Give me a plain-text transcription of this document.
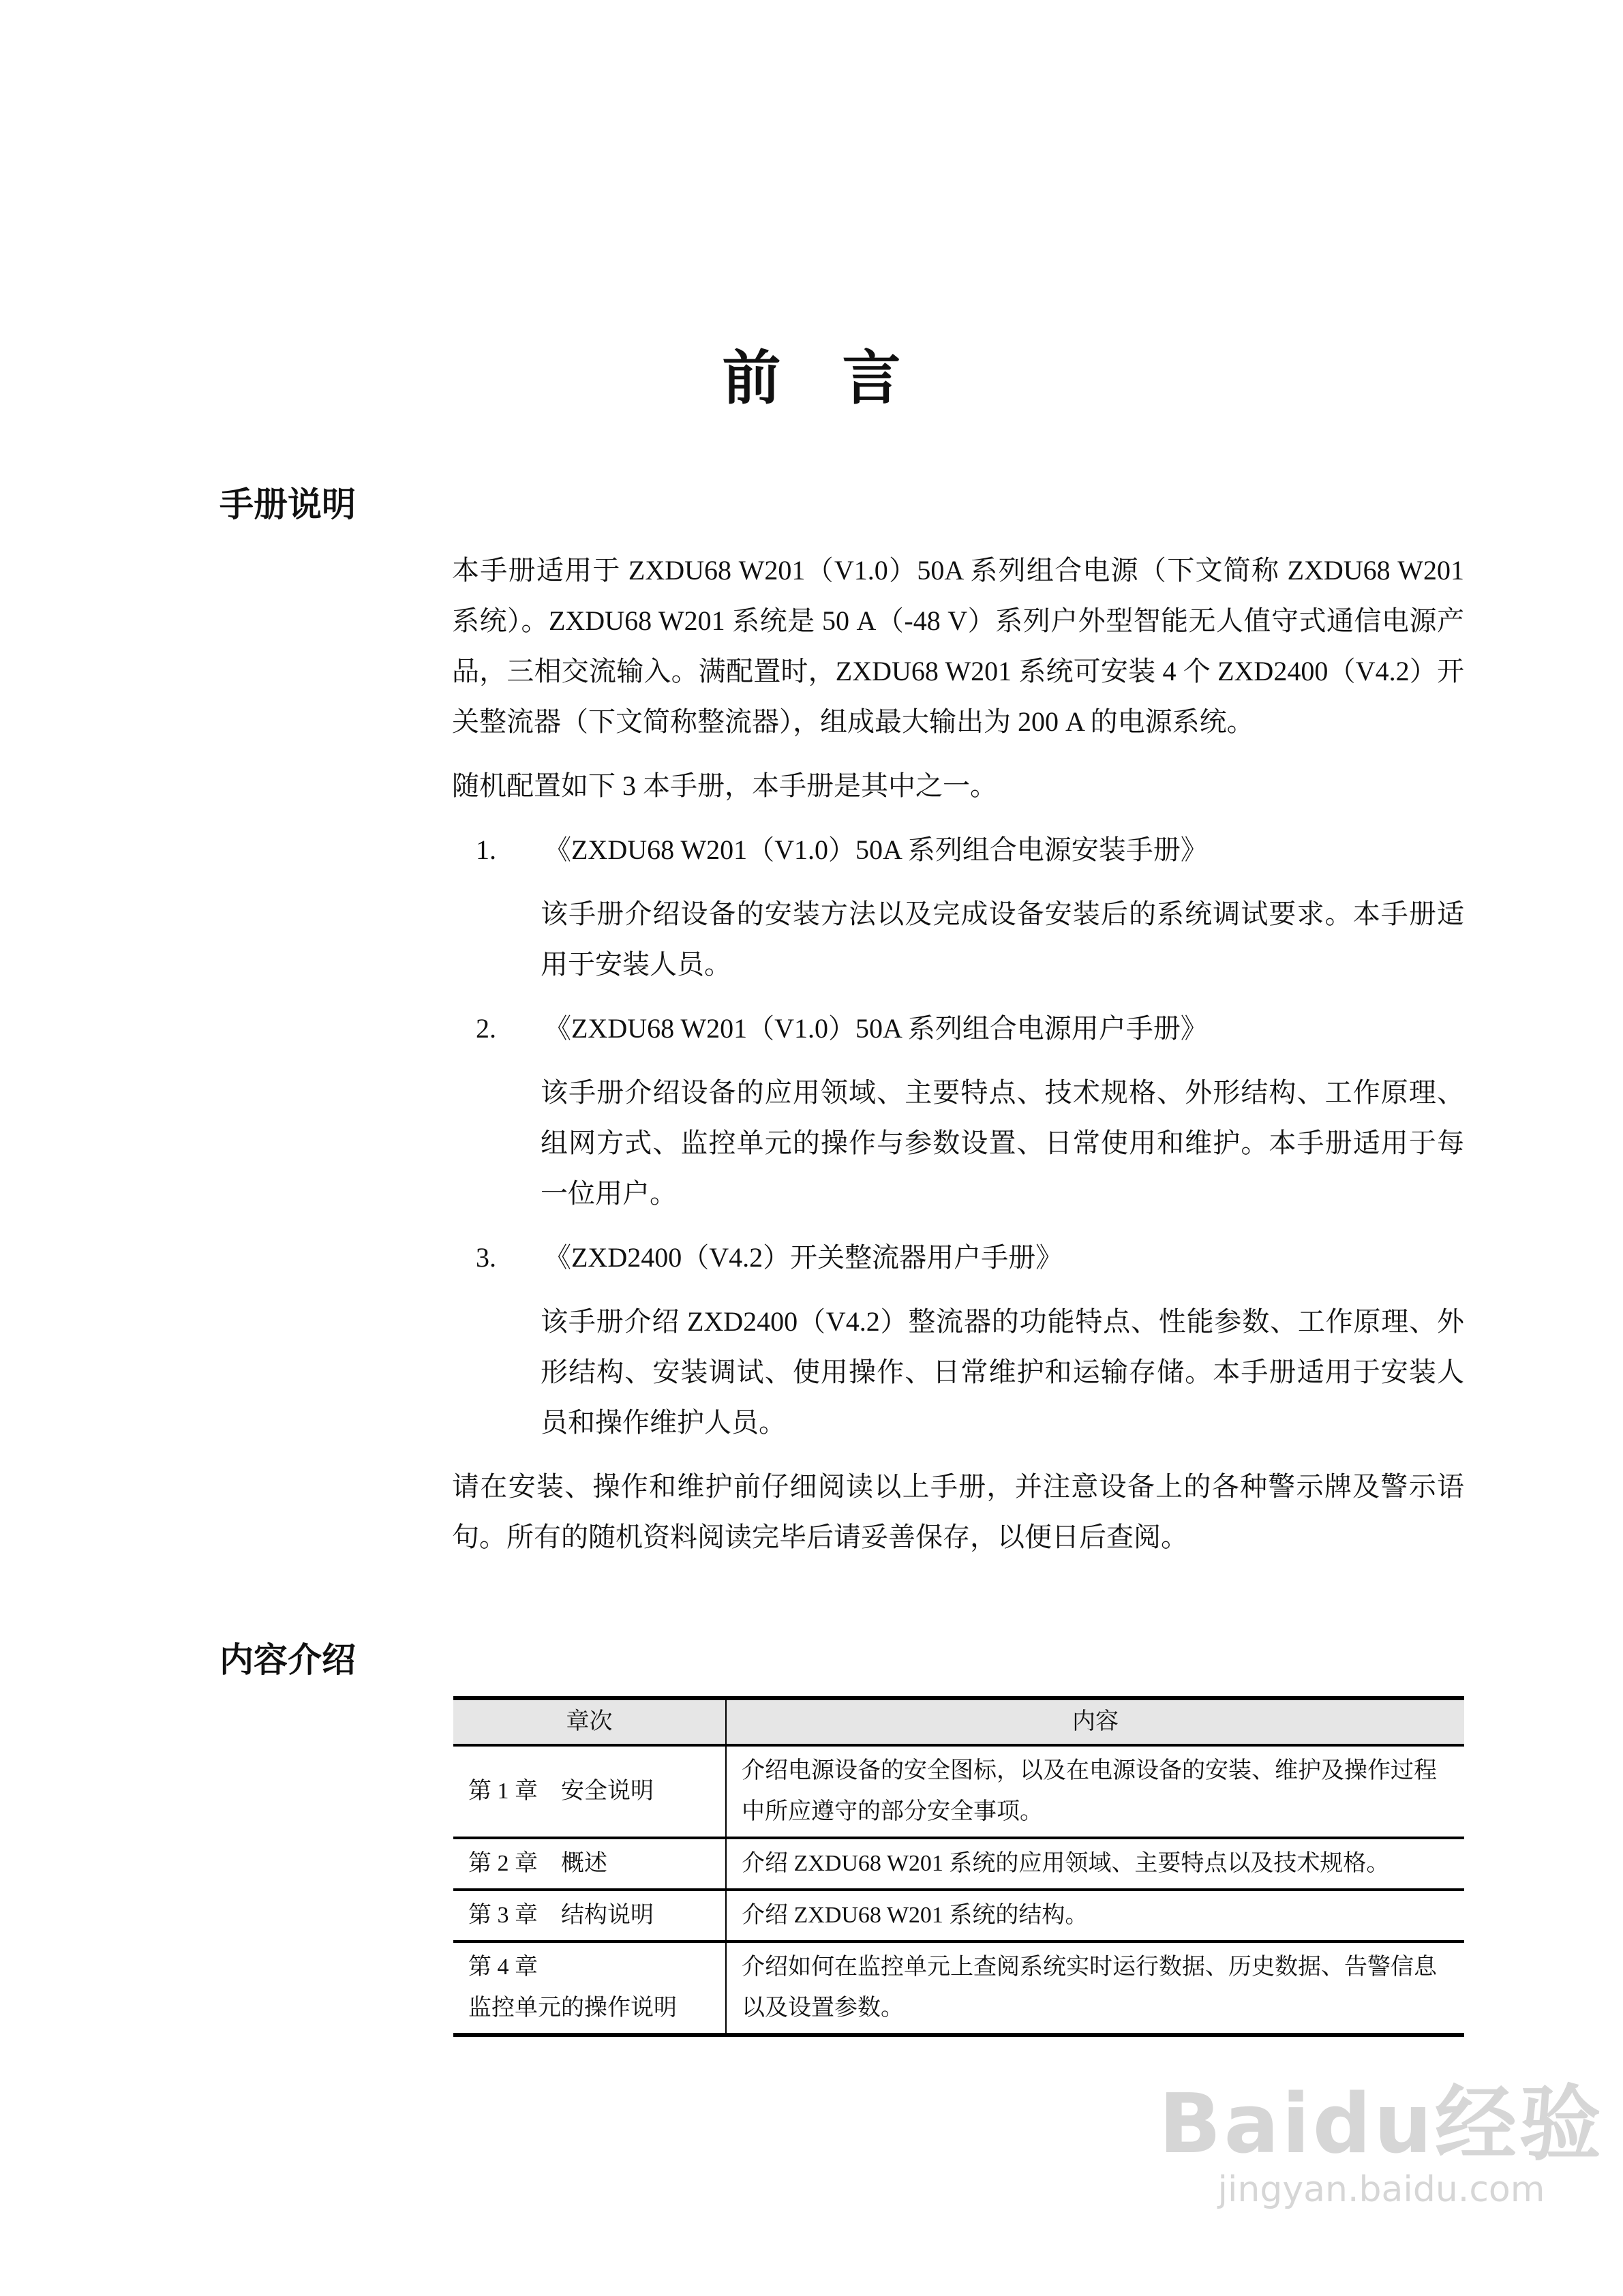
前言
手册说明

本手册适用于 ZXDU68 W201（V1.0）50A 系列组合电源（下文简称 ZXDU68 W201 系统）。ZXDU68 W201 系统是 50 A（-48 V）系列户外型智能无人值守式通信电源产品，三相交流输入。满配置时，ZXDU68 W201 系统可安装 4 个 ZXD2400（V4.2）开关整流器（下文简称整流器），组成最大输出为 200 A 的电源系统。

随机配置如下 3 本手册，本手册是其中之一。

1.	《ZXDU68 W201（V1.0）50A 系列组合电源安装手册》

该手册介绍设备的安装方法以及完成设备安装后的系统调试要求。本手册适用于安装人员。

2.	《ZXDU68 W201（V1.0）50A 系列组合电源用户手册》

该手册介绍设备的应用领域、主要特点、技术规格、外形结构、工作原理、组网方式、监控单元的操作与参数设置、日常使用和维护。本手册适用于每一位用户。

3.	《ZXD2400（V4.2）开关整流器用户手册》

该手册介绍 ZXD2400（V4.2）整流器的功能特点、性能参数、工作原理、外形结构、安装调试、使用操作、日常维护和运输存储。本手册适用于安装人员和操作维护人员。

请在安装、操作和维护前仔细阅读以上手册，并注意设备上的各种警示牌及警示语句。所有的随机资料阅读完毕后请妥善保存，以便日后查阅。

内容介绍
章次	内容
第 1 章　安全说明	介绍电源设备的安全图标，以及在电源设备的安装、维护及操作过程中所应遵守的部分安全事项。
第 2 章　概述	介绍 ZXDU68 W201 系统的应用领域、主要特点以及技术规格。
第 3 章　结构说明	介绍 ZXDU68 W201 系统的结构。

第 4 章
监控单元的操作说明	介绍如何在监控单元上查阅系统实时运行数据、历史数据、告警信息以及设置参数。
Baidu经验
jingyan.baidu.com
